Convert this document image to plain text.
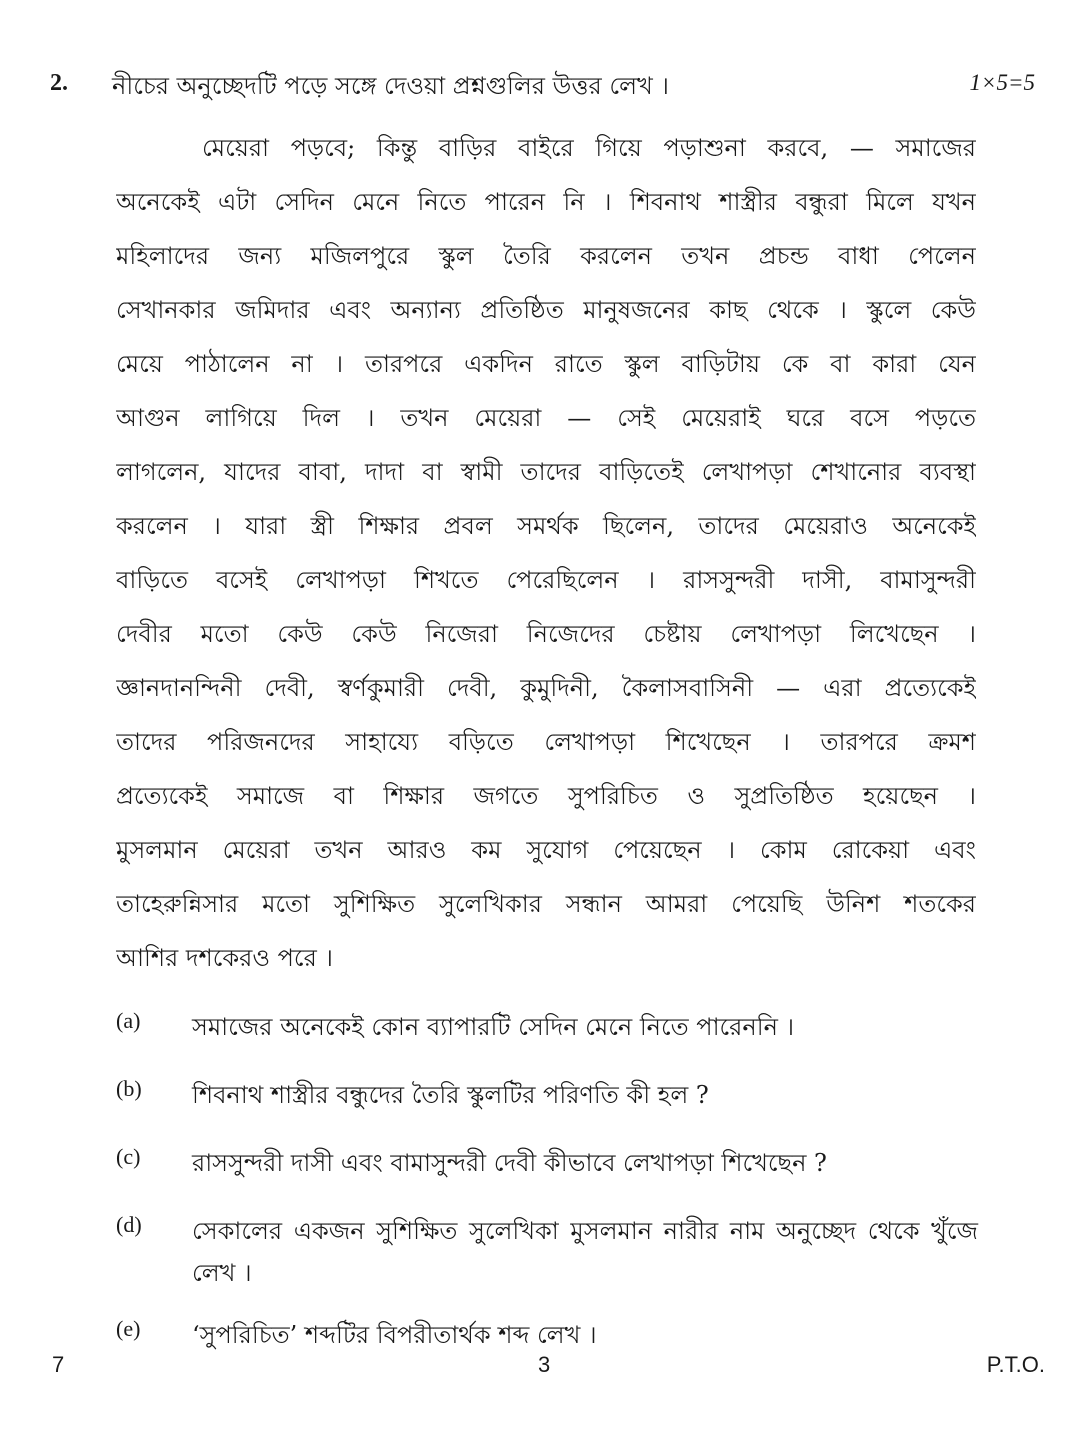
2. নীচের অনুচ্ছেদটি পড়ে সঙ্গে দেওয়া প্রশ্নগুলির উত্তর লেখ ।	1×5=5
মেয়েরা পড়বে; কিন্তু বাড়ির বাইরে গিয়ে পড়াশুনা করবে, — সমাজের
অনেকেই এটা সেদিন মেনে নিতে পারেন নি । শিবনাথ শাস্ত্রীর বন্ধুরা মিলে যখন
মহিলাদের জন্য মজিলপুরে স্কুল তৈরি করলেন তখন প্রচন্ড বাধা পেলেন
সেখানকার জমিদার এবং অন্যান্য প্রতিষ্ঠিত মানুষজনের কাছ থেকে । স্কুলে কেউ
মেয়ে পাঠালেন না । তারপরে একদিন রাতে স্কুল বাড়িটায় কে বা কারা যেন
আগুন লাগিয়ে দিল । তখন মেয়েরা — সেই মেয়েরাই ঘরে বসে পড়তে
লাগলেন, যাদের বাবা, দাদা বা স্বামী তাদের বাড়িতেই লেখাপড়া শেখানোর ব্যবস্থা
করলেন । যারা স্ত্রী শিক্ষার প্রবল সমর্থক ছিলেন, তাদের মেয়েরাও অনেকেই
বাড়িতে বসেই লেখাপড়া শিখতে পেরেছিলেন । রাসসুন্দরী দাসী, বামাসুন্দরী
দেবীর মতো কেউ কেউ নিজেরা নিজেদের চেষ্টায় লেখাপড়া লিখেছেন ।
জ্ঞানদানন্দিনী দেবী, স্বর্ণকুমারী দেবী, কুমুদিনী, কৈলাসবাসিনী — এরা প্রত্যেকেই
তাদের পরিজনদের সাহায্যে বড়িতে লেখাপড়া শিখেছেন । তারপরে ক্রমশ
প্রত্যেকেই সমাজে বা শিক্ষার জগতে সুপরিচিত ও সুপ্রতিষ্ঠিত হয়েছেন ।
মুসলমান মেয়েরা তখন আরও কম সুযোগ পেয়েছেন । কোম রোকেয়া এবং
তাহেরুন্নিসার মতো সুশিক্ষিত সুলেখিকার সন্ধান আমরা পেয়েছি উনিশ শতকের
আশির দশকেরও পরে ।
(a) সমাজের অনেকেই কোন ব্যাপারটি সেদিন মেনে নিতে পারেননি ।
(b) শিবনাথ শাস্ত্রীর বন্ধুদের তৈরি স্কুলটির পরিণতি কী হল ?
(c) রাসসুন্দরী দাসী এবং বামাসুন্দরী দেবী কীভাবে লেখাপড়া শিখেছেন ?
(d) সেকালের একজন সুশিক্ষিত সুলেখিকা মুসলমান নারীর নাম অনুচ্ছেদ থেকে খুঁজে লেখ ।
(e) ‘সুপরিচিত’ শব্দটির বিপরীতার্থক শব্দ লেখ ।
7	3	P.T.O.
